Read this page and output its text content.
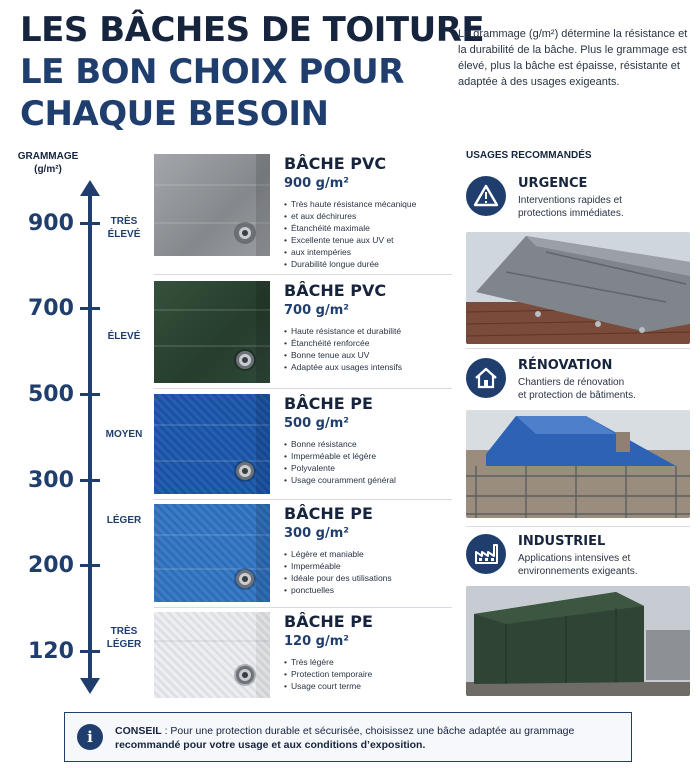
LES BÂCHES DE TOITURE
LE BON CHOIX POUR
CHAQUE BESOIN

Le grammage (g/m²) détermine la résistance et la durabilité de la bâche. Plus le grammage est élevé, plus la bâche est épaisse, résistante et adaptée à des usages exigeants.

GRAMMAGE
(g/m²)
900
700
500
300
200
120
TRÈS
ÉLEVÉ
ÉLEVÉ
MOYEN
LÉGER
TRÈS
LÉGER
BÂCHE PVC
900 g/m²
• Très haute résistance mécanique
• et aux déchirures
• Étanchéité maximale
• Excellente tenue aux UV et
• aux intempéries
• Durabilité longue durée
BÂCHE PVC
700 g/m²
• Haute résistance et durabilité
• Étanchéité renforcée
• Bonne tenue aux UV
• Adaptée aux usages intensifs
BÂCHE PE
500 g/m²
• Bonne résistance
• Imperméable et légère
• Polyvalente
• Usage couramment général
BÂCHE PE
300 g/m²
• Légère et maniable
• Imperméable
• Idéale pour des utilisations
• ponctuelles
BÂCHE PE
120 g/m²
• Très légère
• Protection temporaire
• Usage court terme
USAGES RECOMMANDÉS
URGENCE
Interventions rapides et
protections immédiates.
RÉNOVATION
Chantiers de rénovation
et protection de bâtiments.
INDUSTRIEL
Applications intensives et
environnements exigeants.
i	CONSEIL : Pour une protection durable et sécurisée, choisissez une bâche adaptée au grammage
recommandé pour votre usage et aux conditions d’exposition.
